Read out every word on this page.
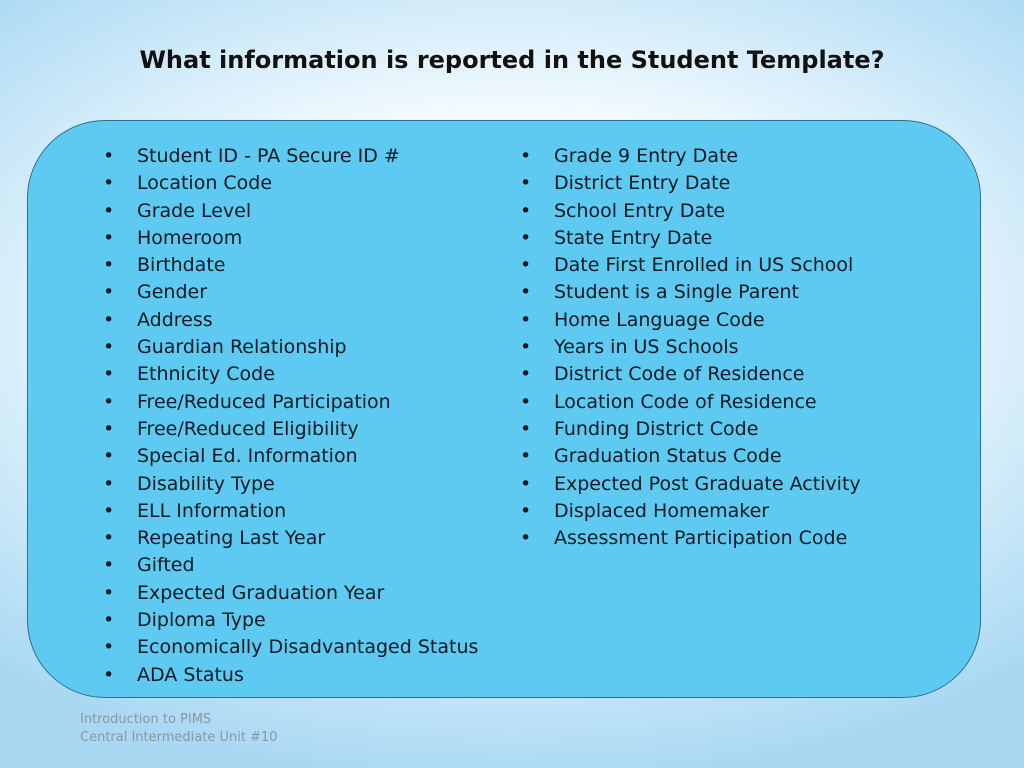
What information is reported in the Student Template?
• Student ID - PA Secure ID #
• Location Code
• Grade Level
• Homeroom
• Birthdate
• Gender
• Address
• Guardian Relationship
• Ethnicity Code
• Free/Reduced Participation
• Free/Reduced Eligibility
• Special Ed. Information
• Disability Type
• ELL Information
• Repeating Last Year
• Gifted
• Expected Graduation Year
• Diploma Type
• Economically Disadvantaged Status
• ADA Status
• Grade 9 Entry Date
• District Entry Date
• School Entry Date
• State Entry Date
• Date First Enrolled in US School
• Student is a Single Parent
• Home Language Code
• Years in US Schools
• District Code of Residence
• Location Code of Residence
• Funding District Code
• Graduation Status Code
• Expected Post Graduate Activity
• Displaced Homemaker
• Assessment Participation Code
Introduction to PIMS
Central Intermediate Unit #10
